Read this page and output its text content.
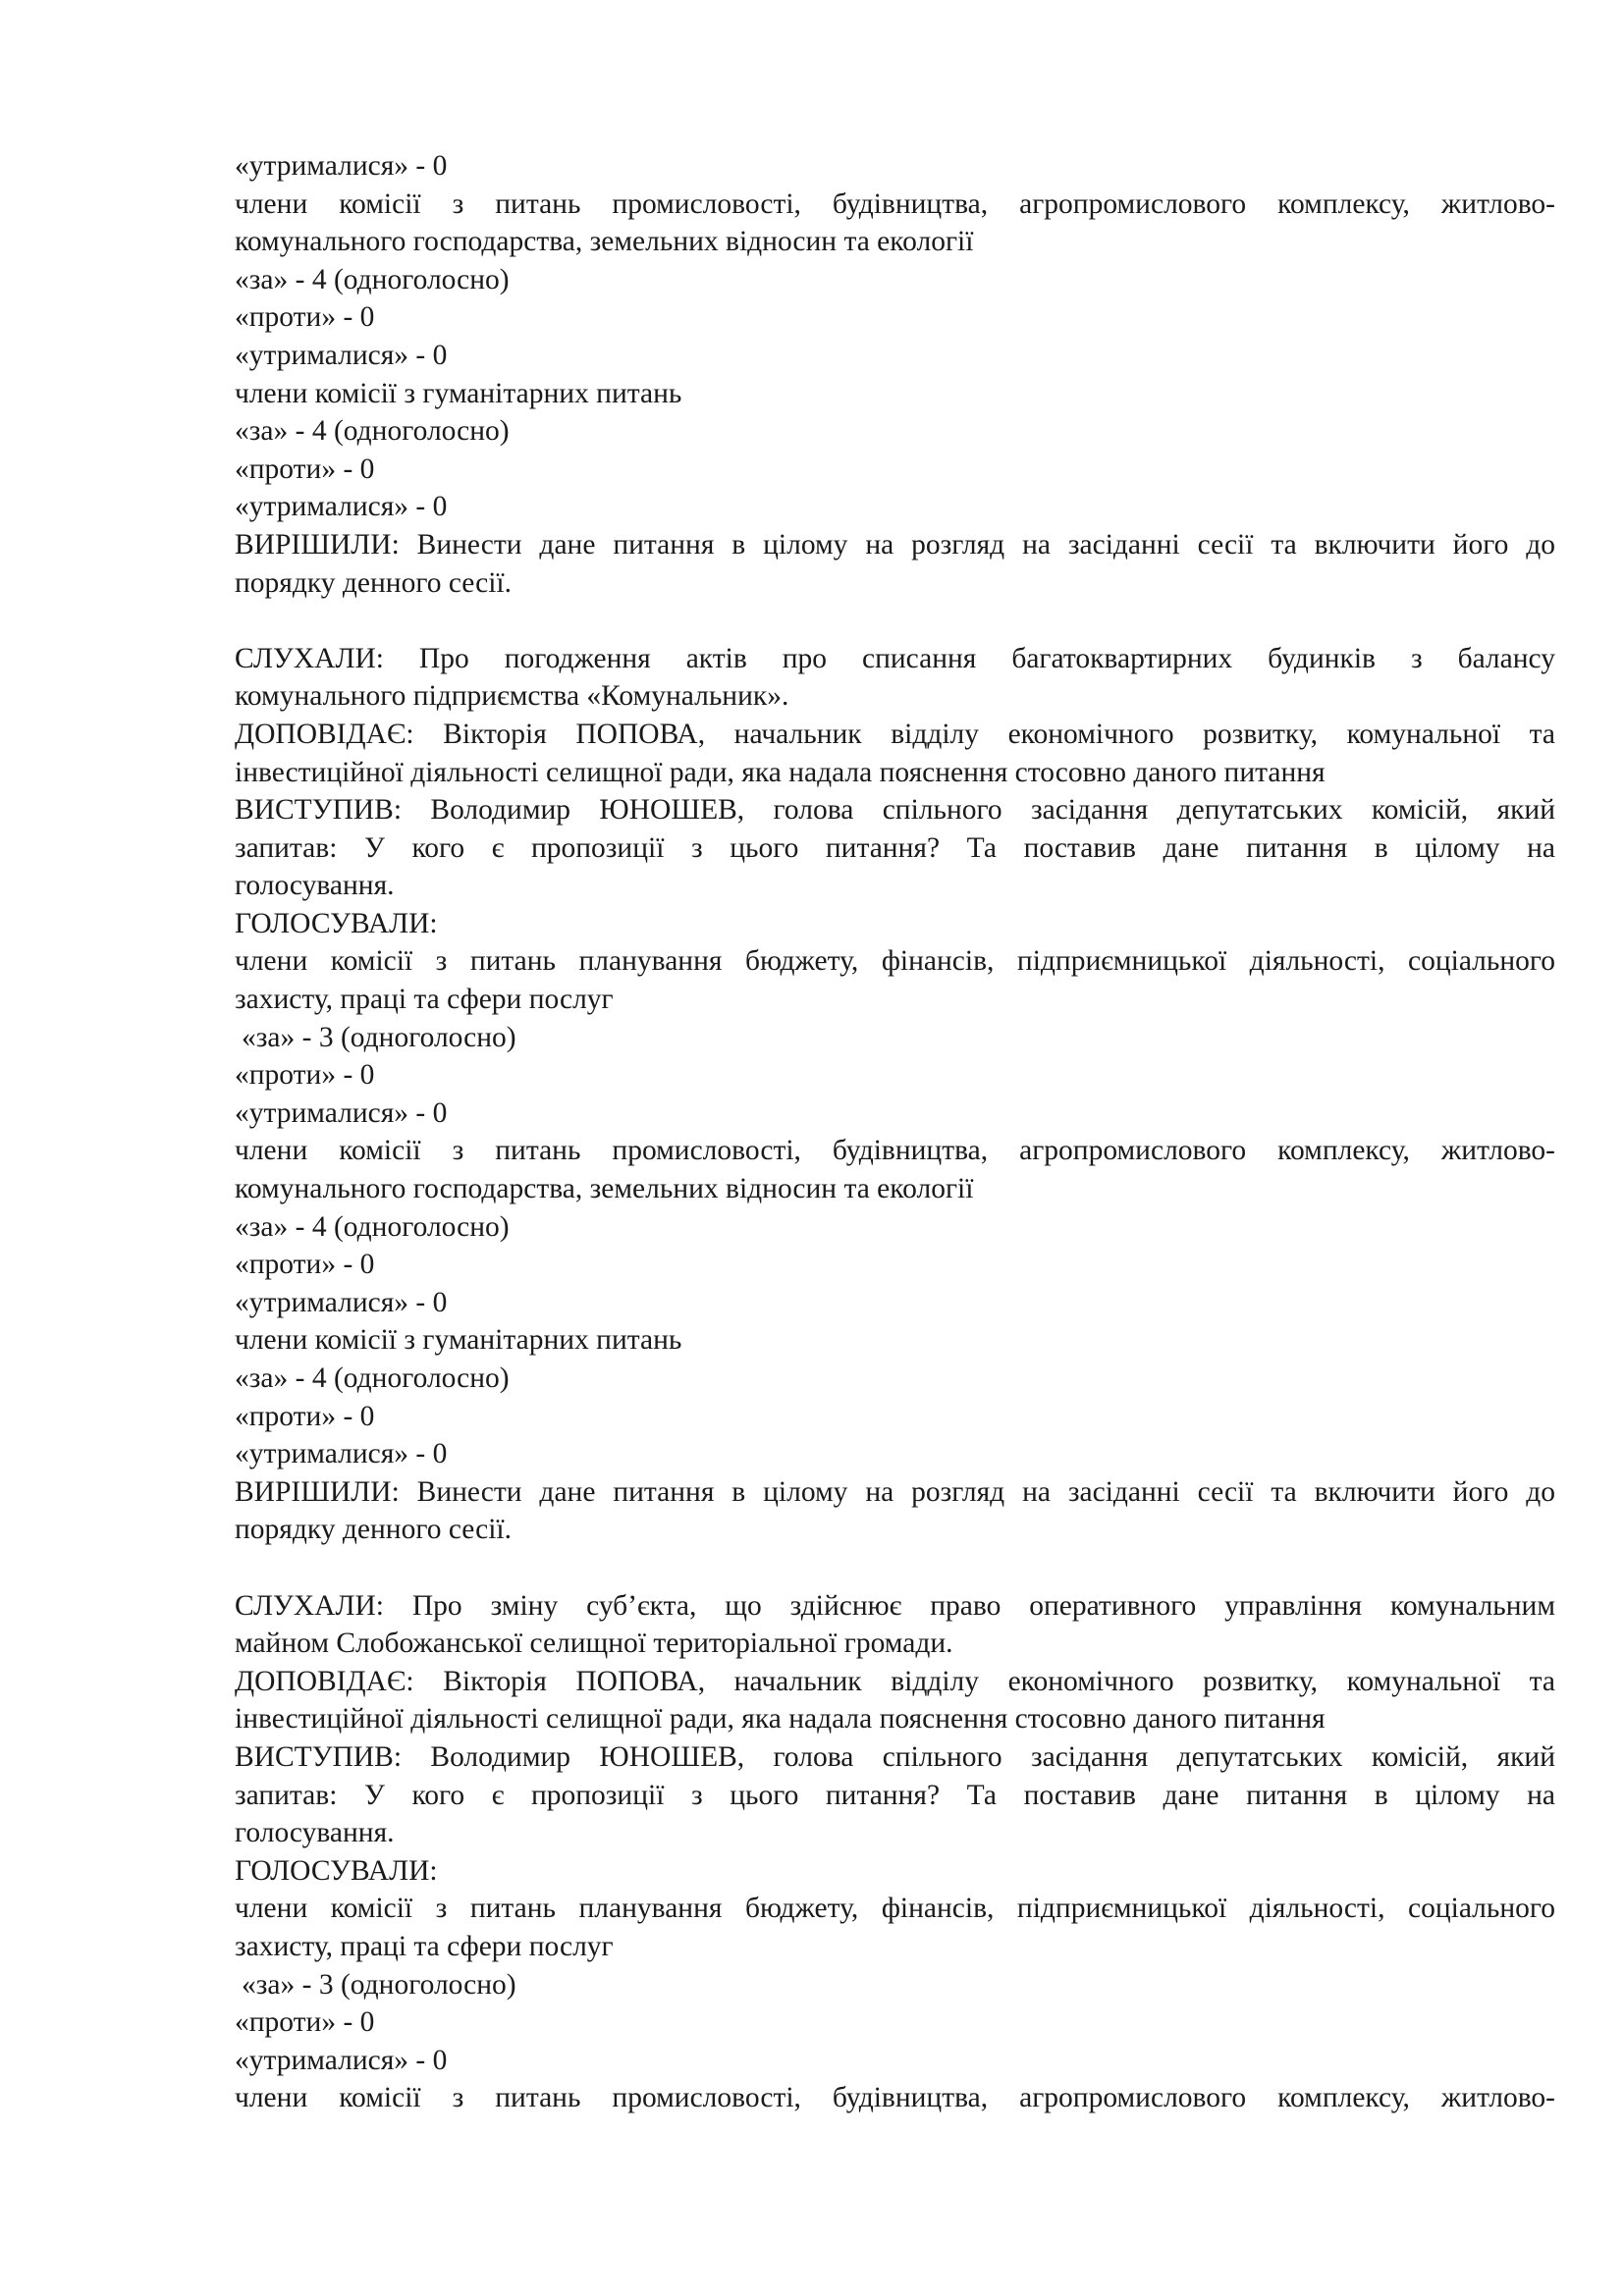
«утрималися» - 0
члени комісії з питань промисловості, будівництва, агропромислового комплексу, житлово-
комунального господарства, земельних відносин та екології
«за» - 4 (одноголосно)
«проти» - 0
«утрималися» - 0
члени комісії з гуманітарних питань
«за» - 4 (одноголосно)
«проти» - 0
«утрималися» - 0
ВИРІШИЛИ: Винести дане питання в цілому на розгляд на засіданні сесії та включити його до
порядку денного сесії.
СЛУХАЛИ: Про погодження актів про списання багатоквартирних будинків з балансу
комунального підприємства «Комунальник».
ДОПОВІДАЄ: Вікторія ПОПОВА, начальник відділу економічного розвитку, комунальної та
інвестиційної діяльності селищної ради, яка надала пояснення стосовно даного питання
ВИСТУПИВ: Володимир ЮНОШЕВ, голова спільного засідання депутатських комісій, який
запитав: У кого є пропозиції з цього питання? Та поставив дане питання в цілому на
голосування.
ГОЛОСУВАЛИ:
члени комісії з питань планування бюджету, фінансів, підприємницької діяльності, соціального
захисту, праці та сфери послуг
«за» - 3 (одноголосно)
«проти» - 0
«утрималися» - 0
члени комісії з питань промисловості, будівництва, агропромислового комплексу, житлово-
комунального господарства, земельних відносин та екології
«за» - 4 (одноголосно)
«проти» - 0
«утрималися» - 0
члени комісії з гуманітарних питань
«за» - 4 (одноголосно)
«проти» - 0
«утрималися» - 0
ВИРІШИЛИ: Винести дане питання в цілому на розгляд на засіданні сесії та включити його до
порядку денного сесії.
СЛУХАЛИ: Про зміну суб’єкта, що здійснює право оперативного управління комунальним
майном Слобожанської селищної територіальної громади.
ДОПОВІДАЄ: Вікторія ПОПОВА, начальник відділу економічного розвитку, комунальної та
інвестиційної діяльності селищної ради, яка надала пояснення стосовно даного питання
ВИСТУПИВ: Володимир ЮНОШЕВ, голова спільного засідання депутатських комісій, який
запитав: У кого є пропозиції з цього питання? Та поставив дане питання в цілому на
голосування.
ГОЛОСУВАЛИ:
члени комісії з питань планування бюджету, фінансів, підприємницької діяльності, соціального
захисту, праці та сфери послуг
«за» - 3 (одноголосно)
«проти» - 0
«утрималися» - 0
члени комісії з питань промисловості, будівництва, агропромислового комплексу, житлово-
